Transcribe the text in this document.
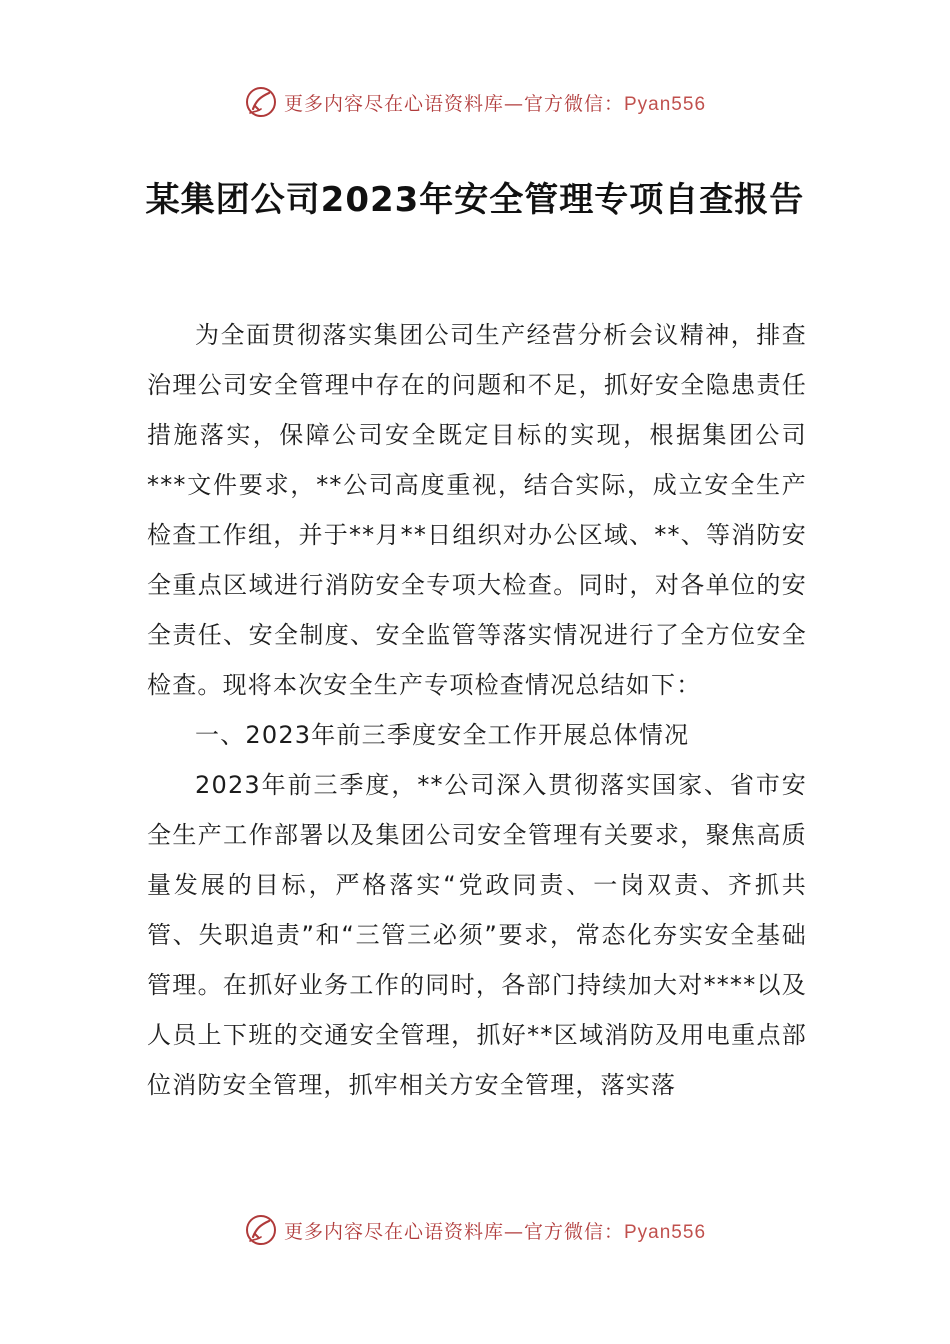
更多内容尽在心语资料库—官方微信：Pyan556
某集团公司2023年安全管理专项自查报告

为全面贯彻落实集团公司生产经营分析会议精神，排查治理公司安全管理中存在的问题和不足，抓好安全隐患责任措施落实，保障公司安全既定目标的实现，根据集团公司***文件要求，**公司高度重视，结合实际，成立安全生产检查工作组，并于**月**日组织对办公区域、**、等消防安全重点区域进行消防安全专项大检查。同时，对各单位的安全责任、安全制度、安全监管等落实情况进行了全方位安全检查。现将本次安全生产专项检查情况总结如下：

一、2023年前三季度安全工作开展总体情况

2023年前三季度，**公司深入贯彻落实国家、省市安全生产工作部署以及集团公司安全管理有关要求，聚焦高质量发展的目标，严格落实“党政同责、一岗双责、齐抓共管、失职追责”和“三管三必须”要求，常态化夯实安全基础管理。在抓好业务工作的同时，各部门持续加大对****以及人员上下班的交通安全管理，抓好**区域消防及用电重点部位消防安全管理，抓牢相关方安全管理，落实落

更多内容尽在心语资料库—官方微信：Pyan556
